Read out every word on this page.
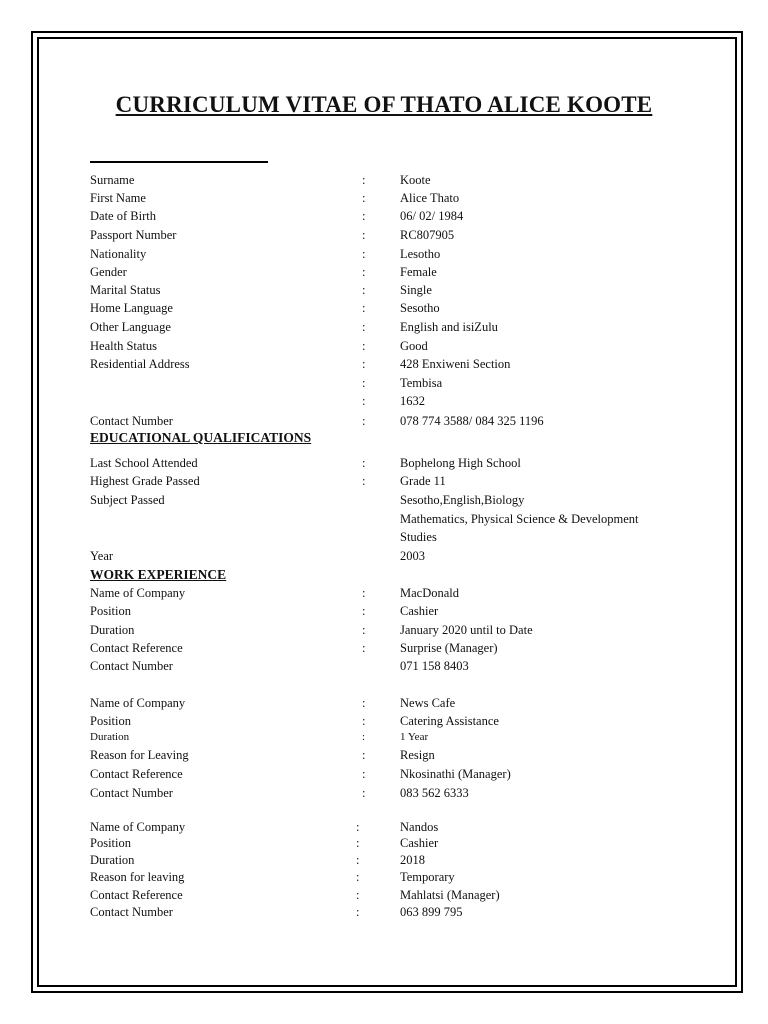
CURRICULUM VITAE OF THATO ALICE KOOTE
Surname	:	Koote
First Name	:	Alice Thato
Date of Birth	:	06/ 02/ 1984
Passport Number	:	RC807905
Nationality	:	Lesotho
Gender	:	Female
Marital Status	:	Single
Home Language	:	Sesotho
Other Language	:	English and isiZulu
Health Status	:	Good
Residential Address	:	428 Enxiweni Section
:	Tembisa
:	1632
Contact Number	:	078 774 3588/ 084 325 1196
EDUCATIONAL QUALIFICATIONS
Last School Attended	:	Bophelong High School
Highest Grade Passed	:	Grade 11
Subject Passed	Sesotho,English,Biology
Mathematics, Physical Science & Development
Studies
Year	2003
WORK EXPERIENCE
Name of Company	:	MacDonald
Position	:	Cashier
Duration	:	January 2020 until to Date
Contact Reference	:	Surprise (Manager)
Contact Number	071 158 8403
Name of Company	:	News Cafe
Position	:	Catering Assistance
Duration	:	1 Year
Reason for Leaving	:	Resign
Contact Reference	:	Nkosinathi (Manager)
Contact Number	:	083 562 6333
Name of Company	:	Nandos
Position	:	Cashier
Duration	:	2018
Reason for leaving	:	Temporary
Contact Reference	:	Mahlatsi (Manager)
Contact Number	:	063 899 795
